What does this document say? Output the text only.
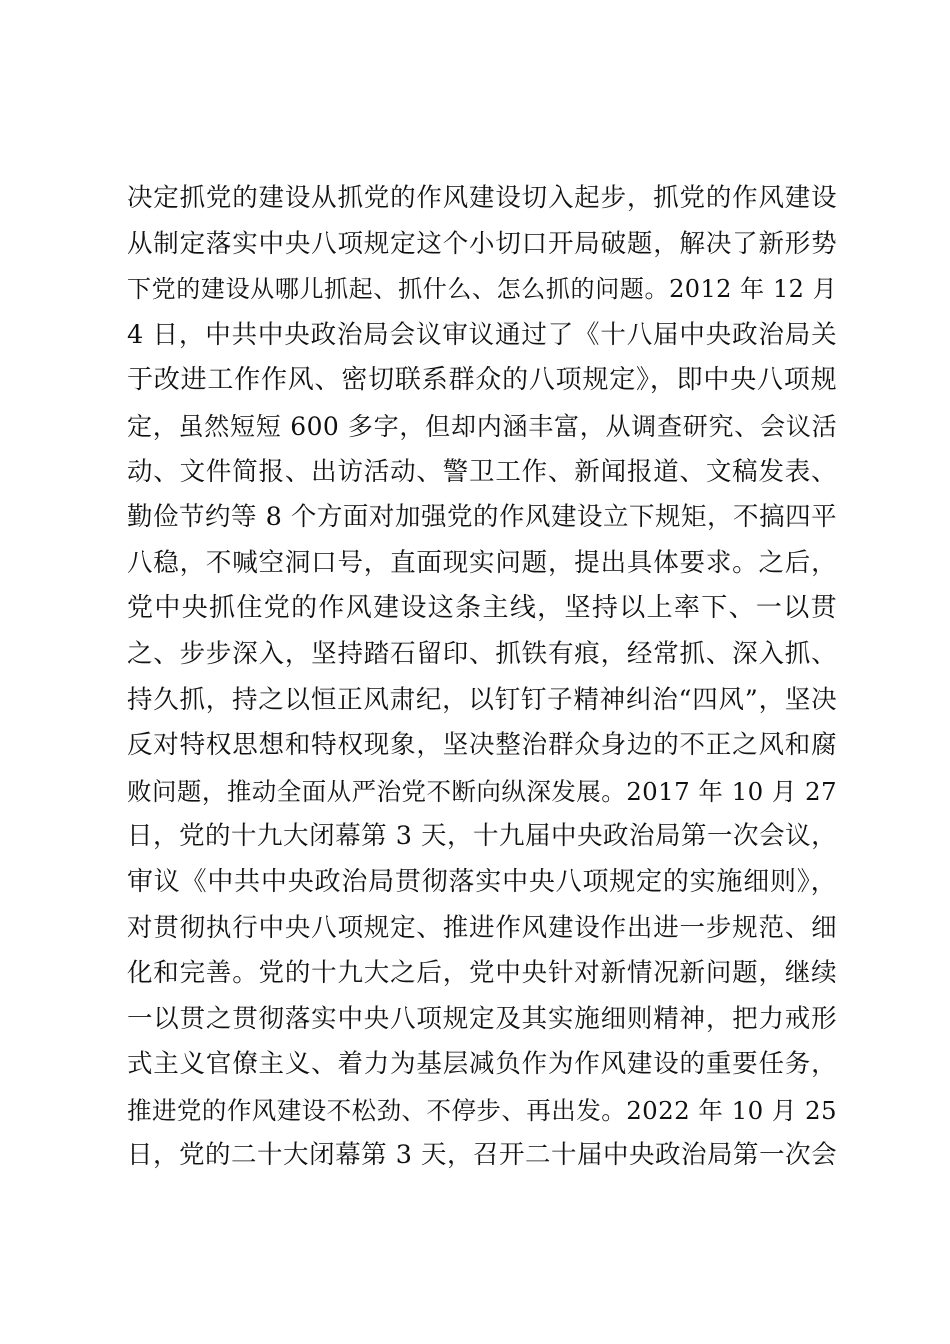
决定抓党的建设从抓党的作风建设切入起步，抓党的作风建设
从制定落实中央八项规定这个小切口开局破题，解决了新形势
下党的建设从哪儿抓起、抓什么、怎么抓的问题。2012 年 12 月
4 日，中共中央政治局会议审议通过了《十八届中央政治局关
于改进工作作风、密切联系群众的八项规定》，即中央八项规
定，虽然短短 600 多字，但却内涵丰富，从调查研究、会议活
动、文件简报、出访活动、警卫工作、新闻报道、文稿发表、
勤俭节约等 8 个方面对加强党的作风建设立下规矩，不搞四平
八稳，不喊空洞口号，直面现实问题，提出具体要求。之后，
党中央抓住党的作风建设这条主线，坚持以上率下、一以贯
之、步步深入，坚持踏石留印、抓铁有痕，经常抓、深入抓、
持久抓，持之以恒正风肃纪，以钉钉子精神纠治“四风”，坚决
反对特权思想和特权现象，坚决整治群众身边的不正之风和腐
败问题，推动全面从严治党不断向纵深发展。2017 年 10 月 27
日，党的十九大闭幕第 3 天，十九届中央政治局第一次会议，
审议《中共中央政治局贯彻落实中央八项规定的实施细则》，
对贯彻执行中央八项规定、推进作风建设作出进一步规范、细
化和完善。党的十九大之后，党中央针对新情况新问题，继续
一以贯之贯彻落实中央八项规定及其实施细则精神，把力戒形
式主义官僚主义、着力为基层减负作为作风建设的重要任务，
推进党的作风建设不松劲、不停步、再出发。2022 年 10 月 25
日，党的二十大闭幕第 3 天，召开二十届中央政治局第一次会
